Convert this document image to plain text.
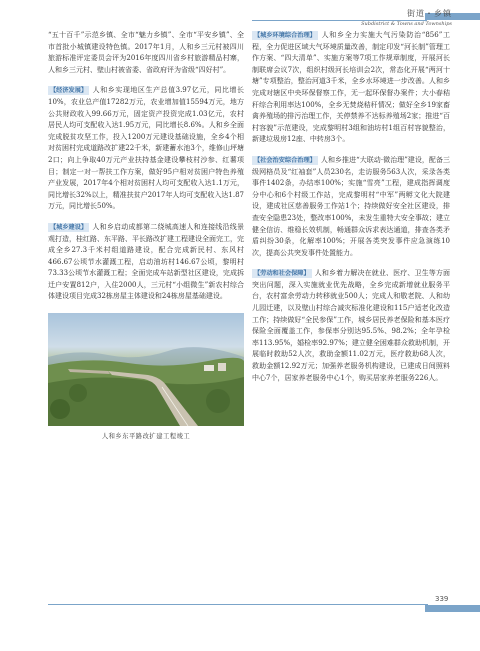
街道・乡镇
Subdistrict & Towns and Townships

“五十百千”示范乡镇、全市“魅力乡镇”、全市“平安乡镇”、全市首批小城镇建设特色镇。2017年1月，人和乡三元村被四川旅游标准评定委员会评为2016年度四川省乡村旅游精品村寨，人和乡三元村、壁山村被省委、省政府评为省级“四好村”。

【经济发展】 人和乡实现地区生产总值3.97亿元，同比增长10%，农业总产值17282万元，农业增加值15594万元，地方公共财政收入99.66万元，固定资产投资完成1.03亿元，农村居民人均可支配收入达1.95万元，同比增长8.6%。人和乡全面完成脱贫攻坚工作，投入1200万元建设基础设施，全乡4个相对贫困村完成道路改扩建22千米，新建蓄水池3个，维修山坪塘2口；向上争取40万元产业扶持基金建设攀枝村沙参、红薯项目；制定一对一帮扶工作方案，做好95户相对贫困户特色养殖产业发展，2017年4个相对贫困村人均可支配收入达1.1万元，同比增长32%以上，精准扶贫户2017年人均可支配收入达1.87万元，同比增长50%。

【城乡建设】 人和乡启动成都第二绕城高速人和连接线沿线景观打造，桂红路、东平路、平长路改扩建工程建设全面完工，完成全乡27.3千米村组道路建设，配合完成新民村、东风村466.67公顷节水灌溉工程，启动油坊村146.67公顷，黎明村73.33公顷节水灌溉工程；全面完成车站新型社区建设，完成拆迁户安置812户，入住2000人，三元村“小组微生”新农村综合体建设项目完成32栋房屋主体建设和24栋房屋基础建设。

人和乡东平路改扩建工程竣工

【城乡环境综合治理】 人和乡全力实施大气污染防治“856”工程，全力促进区域大气环境质量改善，制定印发“河长制”管理工作方案、“四大清单”、实施方案等7项工作规章制度，开展河长制联席会议7次，组织村级河长培训会2次，常态化开展“两河十塘”专项整治，整治河道3千米，全乡水环境进一步改善。人和乡完成对辖区中央环保督察工作，无一起环保督办案件；大小春秸秆综合利用率达100%，全乡无焚烧秸秆情况；做好全乡19家畜禽养殖场的排污治理工作，关停禁养不达标养殖场2家；推进“百村容貌”示范建设，完成黎明村3组和油坊村1组百村容貌整治，新建垃圾房12座、中转房3个。

【社会治安综合治理】 人和乡推进“大联动·微治理”建设，配备三级网格员及“红袖套”人员230名，走访服务563人次，采录各类事件1402条，办结率100%；实施“雪亮”工程，建成指挥调度分中心和6个村级工作站，完成黎明村“中军”两孵文化大院建设，建成社区慈善服务工作站1个；持续做好安全社区建设，排查安全隐患23处，整改率100%，未发生重特大安全事故；建立健全信访、维稳长效机制，畅通群众诉求表达通道，排查各类矛盾纠纷30条，化解率100%；开展各类突发事件应急演练10次，提高公共突发事件处置能力。

【劳动和社会保障】 人和乡着力解决在就业、医疗、卫生等方面突出问题，深入实施就业优先战略，全乡完成新增就业服务平台，农村富余劳动力转移就业500人；完成人和敬老院、人和幼儿园迁建，以及壁山村综合减灾标准化建设和115户适老化改造工作；持续做好“全民参保”工作，城乡居民养老保险和基本医疗保险全面覆盖工作，参保率分别达95.5%、98.2%；全年孕检率113.95%，婚检率92.97%；建立健全困难群众救助机制，开展临时救助52人次，救助金额11.02万元，医疗救助68人次，救助金额12.92万元；加强养老服务机构建设，已建成日间照料中心7个，居家养老服务中心1个，购买居家养老服务226人。

339
